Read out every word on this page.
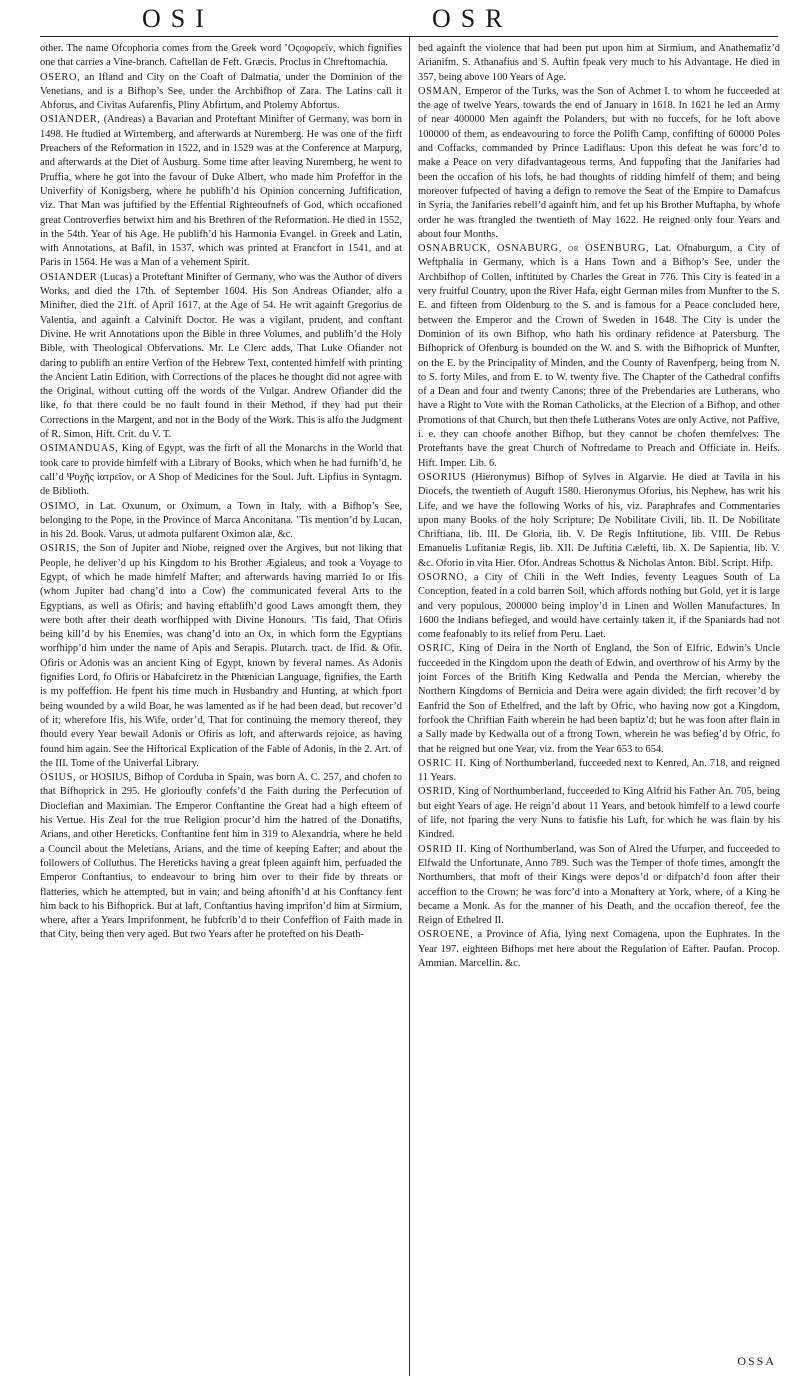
OSI	OSR

other. The name Ofcophoria comes from the Greek word ’Οςοφορεῖν, which fignifies one that carries a Vine-branch. Caftellan de Feft. Græcis. Proclus in Chreftomachia.

OSERO, an Ifland and City on the Coaft of Dalmatia, under the Dominion of the Venetians, and is a Bifhop’s See, under the Archbifhop of Zara. The Latins call it Abforus, and Civitas Aufarenfis, Pliny Abfirtum, and Ptolemy Abfortus.

OSIANDER, (Andreas) a Bavarian and Proteftant Minifter of Germany, was born in 1498. He ftudied at Wirtemberg, and afterwards at Nuremberg. He was one of the firft Preachers of the Reformation in 1522, and in 1529 was at the Conference at Marpurg, and afterwards at the Diet of Ausburg. Some time after leaving Nuremberg, he went to Pruffia, where he got into the favour of Duke Albert, who made him Profeffor in the Univerfity of Konigsberg, where he publifh’d his Opinion concerning Juftification, viz. That Man was juftified by the Effential Righteoufnefs of God, which occafioned great Controverfies betwixt him and his Brethren of the Reformation. He died in 1552, in the 54th. Year of his Age. He publifh’d his Harmonia Evangel. in Greek and Latin, with Annotations, at Bafil, in 1537, which was printed at Francfort in 1541, and at Paris in 1564. He was a Man of a vehement Spirit.

OSIANDER (Lucas) a Proteftant Minifter of Germany, who was the Author of divers Works, and died the 17th. of September 1604. His Son Andreas Ofiander, alfo a Minifter, died the 21ft. of April 1617, at the Age of 54. He writ againft Gregorius de Valentia, and againft a Calvinift Doctor. He was a vigilant, prudent, and conftant Divine. He writ Annotations upon the Bible in three Volumes, and publifh’d the Holy Bible, with Theological Obfervations. Mr. Le Clerc adds, That Luke Ofiander not daring to publifh an entire Verfion of the Hebrew Text, contented himfelf with printing the Ancient Latin Edition, with Corrections of the places he thought did not agree with the Original, without cutting off the words of the Vulgar. Andrew Ofiander did the like, fo that there could be no fault found in their Method, if they had put their Corrections in the Margent, and not in the Body of the Work. This is alfo the Judgment of R. Simon, Hift. Crit. du V. T.

OSIMANDUAS, King of Egypt, was the firft of all the Monarchs in the World that took care to provide himfelf with a Library of Books, which when he had furnifh’d, he call’d Ψυχῆς ἰατρεῖον, or A Shop of Medicines for the Soul. Juft. Lipfius in Syntagm. de Biblioth.

OSIMO, in Lat. Oxunum, or Oximum, a Town in Italy, with a Bifhop’s See, belonging to the Pope, in the Province of Marca Anconitana. ’Tis mention’d by Lucan, in his 2d. Book. Varus, ut admota pulfarent Oximon alæ, &c.

OSIRIS, the Son of Jupiter and Niobe, reigned over the Argives, but not liking that People, he deliver’d up his Kingdom to his Brother Ægialeus, and took a Voyage to Egypt, of which he made himfelf Mafter; and afterwards having married Io or Ifis (whom Jupiter had chang’d into a Cow) fhe communicated feveral Arts to the Egyptians, as well as Ofiris; and having eftablifh’d good Laws amongft them, they were both after their death worfhipped with Divine Honours. ’Tis faid, That Ofiris being kill’d by his Enemies, was chang’d into an Ox, in which form the Egyptians worfhipp’d him under the name of Apis and Serapis. Plutarch. tract. de Ifid. & Ofir. Ofiris or Adonis was an ancient King of Egypt, known by feveral names. As Adonis fignifies Lord, fo Ofiris or Habafciretz in the Phœnician Language, fignifies, the Earth is my poffeffion. He fpent his time much in Husbandry and Hunting, at which fport being wounded by a wild Boar, he was lamented as if he had been dead, but recover’d of it; wherefore Ifis, his Wife, order’d, That for continuing the memory thereof, they fhould every Year bewail Adonis or Ofiris as loft, and afterwards rejoice, as having found him again. See the Hiftorical Explication of the Fable of Adonis, in the 2. Art. of the III. Tome of the Univerfal Library.

OSIUS, or HOSIUS, Bifhop of Corduba in Spain, was born A. C. 257, and chofen to that Bifhoprick in 295. He glorioufly confefs’d the Faith during the Perfecution of Dioclefian and Maximian. The Emperor Conftantine the Great had a high efteem of his Vertue. His Zeal for the true Religion procur’d him the hatred of the Donatifts, Arians, and other Hereticks. Conftantine fent him in 319 to Alexandria, where he held a Council about the Meletians, Arians, and the time of keeping Eafter; and about the followers of Colluthus. The Hereticks having a great fpleen againft him, perfuaded the Emperor Conftantius, to endeavour to bring him over to their fide by threats or flatteries, which he attempted, but in vain; and being aftonifh’d at his Conftancy fent him back to his Bifhoprick. But at laft, Conftantius having imprifon’d him at Sirmium, where, after a Years Imprifonment, he fubfcrib’d to their Confeffion of Faith made in that City, being then very aged. But two Years after he protefted on his Death-

bed againft the violence that had been put upon him at Sirmium, and Anathematiz’d Arianifm. S. Athanafius and S. Auftin fpeak very much to his Advantage. He died in 357, being above 100 Years of Age.

OSMAN, Emperor of the Turks, was the Son of Achmet I. to whom he fucceeded at the age of twelve Years, towards the end of January in 1618. In 1621 he led an Army of near 400000 Men againft the Polanders, but with no fuccefs, for he loft above 100000 of them, as endeavouring to force the Polifh Camp, confifting of 60000 Poles and Coffacks, commanded by Prince Ladiflaus: Upon this defeat he was forc’d to make a Peace on very difadvantageous terms. And fuppofing that the Janifaries had been the occafion of his lofs, he had thoughts of ridding himfelf of them; and being moreover fufpected of having a defign to remove the Seat of the Empire to Damafcus in Syria, the Janifaries rebell’d againft him, and fet up his Brother Muftapha, by whofe order he was ftrangled the twentieth of May 1622. He reigned only four Years and about four Months.

OSNABRUCK, OSNABURG, or OSENBURG, Lat. Ofnaburgum, a City of Weftphalia in Germany, which is a Hans Town and a Bifhop’s See, under the Archbifhop of Collen, inftituted by Charles the Great in 776. This City is feated in a very fruitful Country, upon the River Hafa, eight German miles from Munfter to the S. E. and fifteen from Oldenburg to the S. and is famous for a Peace concluded here, between the Emperor and the Crown of Sweden in 1648. The City is under the Dominion of its own Bifhop, who hath his ordinary refidence at Patersburg. The Bifhoprick of Ofenburg is bounded on the W. and S. with the Bifhoprick of Munfter, on the E. by the Principality of Minden, and the County of Ravenfperg, being from N. to S. forty Miles, and from E. to W. twenty five. The Chapter of the Cathedral confifts of a Dean and four and twenty Canons; three of the Prebendaries are Lutherans, who have a Right to Vote with the Roman Catholicks, at the Election of a Bifhop, and other Promotions of that Church, but then thefe Lutherans Votes are only Active, not Paffive, i. e. they can choofe another Bifhop, but they cannot be chofen themfelves: The Proteftants have the great Church of Noftredame to Preach and Officiate in. Heifs. Hift. Imper. Lib. 6.

OSORIUS (Hieronymus) Bifhop of Sylves in Algarvie. He died at Tavila in his Diocefs, the twentieth of Auguft 1580. Hieronymus Oforius, his Nephew, has writ his Life, and we have the following Works of his, viz. Paraphrafes and Commentaries upon many Books of the holy Scripture; De Nobilitate Civili, lib. II. De Nobilitate Chriftiana, lib. III. De Gloria, lib. V. De Regis Inftitutione, lib. VIII. De Rebus Emanuelis Lufitaniæ Regis, lib. XII. De Juftitia Cælefti, lib. X. De Sapientia, lib. V. &c. Oforio in vita Hier. Ofor. Andreas Schottus & Nicholas Anton. Bibl. Script. Hifp.

OSORNO, a City of Chili in the Weft Indies, feventy Leagues South of La Conception, feated in a cold barren Soil, which affords nothing but Gold, yet it is large and very populous, 200000 being imploy’d in Linen and Wollen Manufactures. In 1600 the Indians befieged, and would have certainly taken it, if the Spaniards had not come feafonably to its relief from Peru. Laet.

OSRIC, King of Deira in the North of England, the Son of Elfric, Edwin’s Uncle fucceeded in the Kingdom upon the death of Edwin, and overthrow of his Army by the joint Forces of the Britifh King Kedwalla and Penda the Mercian, whereby the Northern Kingdoms of Bernicia and Deira were again divided; the firft recover’d by Eanfrid the Son of Ethelfred, and the laft by Ofric, who having now got a Kingdom, forfook the Chriftian Faith wherein he had been baptiz’d; but he was foon after flain in a Sally made by Kedwalla out of a ftrong Town, wherein he was befieg’d by Ofric, fo that he reigned but one Year, viz. from the Year 653 to 654.

OSRIC II. King of Northumberland, fucceeded next to Kenred, An. 718, and reigned 11 Years.

OSRID, King of Northumberland, fucceeded to King Alfrid his Father An. 705, being but eight Years of age. He reign’d about 11 Years, and betook himfelf to a lewd courfe of life, not fparing the very Nuns to fatisfie his Luft, for which he was flain by his Kindred.

OSRID II. King of Northumberland, was Son of Alred the Ufurper, and fucceeded to Elfwald the Unfortunate, Anno 789. Such was the Temper of thofe times, amongft the Northumbers, that moft of their Kings were depos’d or difpatch’d foon after their acceffion to the Crown; he was forc’d into a Monaftery at York, where, of a King he became a Monk. As for the manner of his Death, and the occafion thereof, fee the Reign of Ethelred II.

OSROENE, a Province of Afia, lying next Comagena, upon the Euphrates. In the Year 197. eighteen Bifhops met here about the Regulation of Eafter. Paufan. Procop. Ammian. Marcellin. &c.

OSSA
